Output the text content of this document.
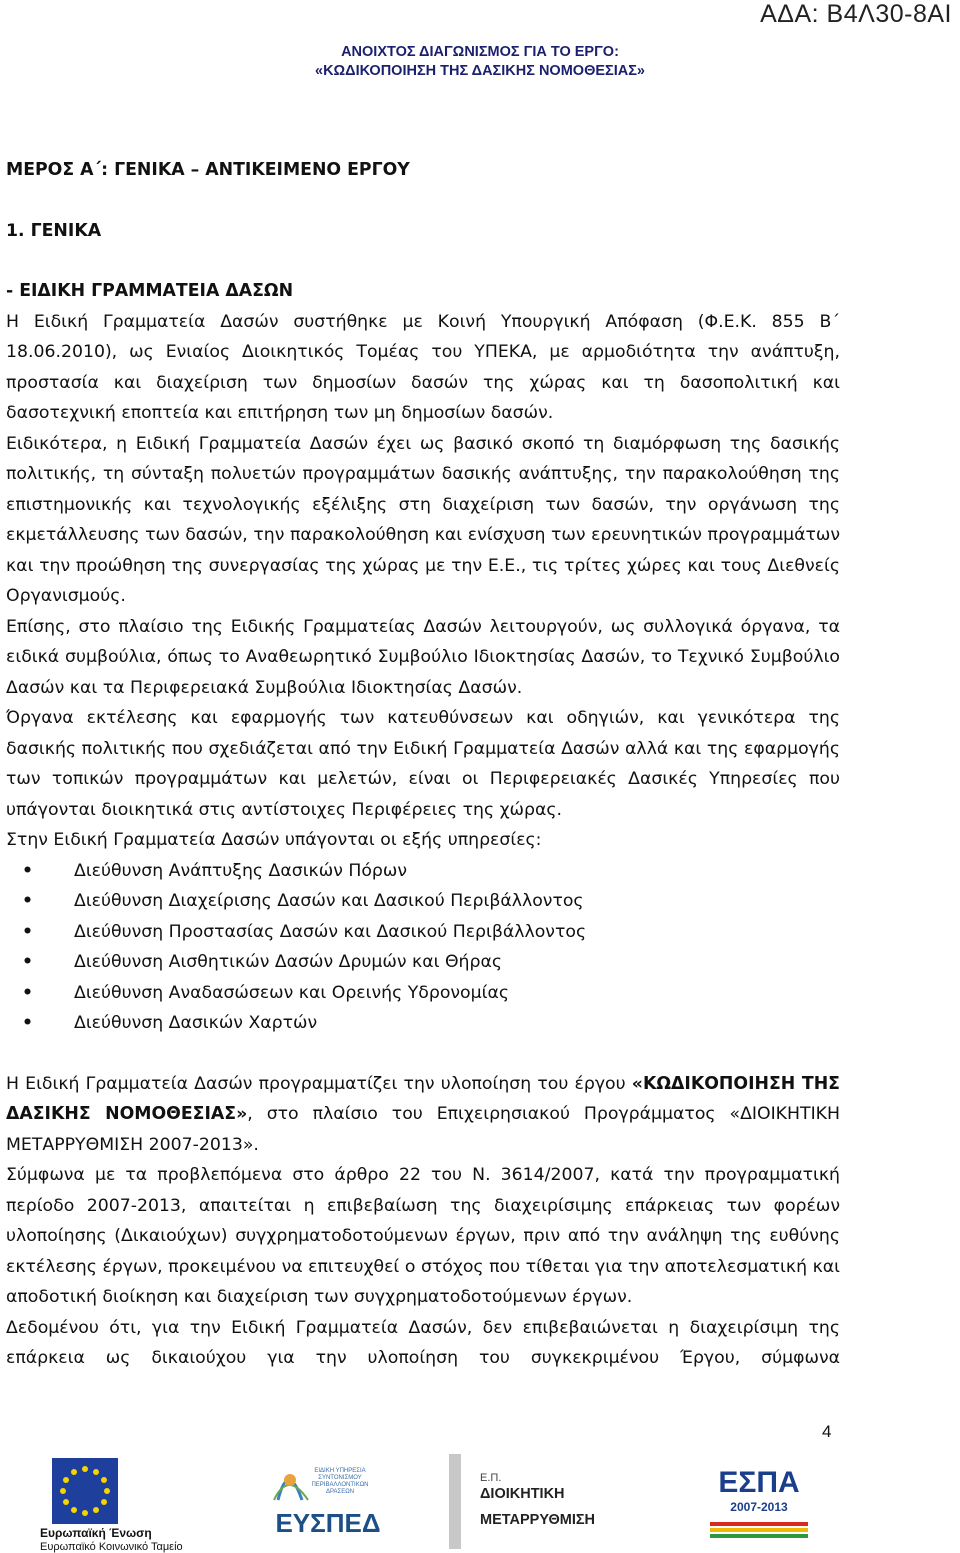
ΑΔΑ: Β4Λ30-8ΑΙ
ΑΝΟΙΧΤΟΣ ΔΙΑΓΩΝΙΣΜΟΣ ΓΙΑ ΤΟ ΕΡΓΟ:
«ΚΩΔΙΚΟΠΟΙΗΣΗ ΤΗΣ ΔΑΣΙΚΗΣ ΝΟΜΟΘΕΣΙΑΣ»

ΜΕΡΟΣ Α΄: ΓΕΝΙΚΑ – ΑΝΤΙΚΕΙΜΕΝΟ ΕΡΓΟΥ

1. ΓΕΝΙΚΑ

- ΕΙΔΙΚΗ ΓΡΑΜΜΑΤΕΙΑ ΔΑΣΩΝ

Η Ειδική Γραμματεία Δασών συστήθηκε με Κοινή Υπουργική Απόφαση (Φ.Ε.Κ. 855 Β΄ 18.06.2010), ως Ενιαίος Διοικητικός Τομέας του ΥΠΕΚΑ, με αρμοδιότητα την ανάπτυξη, προστασία και διαχείριση των δημοσίων δασών της χώρας και τη δασοπολιτική και δασοτεχνική εποπτεία και επιτήρηση των μη δημοσίων δασών.

Ειδικότερα, η Ειδική Γραμματεία Δασών έχει ως βασικό σκοπό τη διαμόρφωση της δασικής πολιτικής, τη σύνταξη πολυετών προγραμμάτων δασικής ανάπτυξης, την παρακολούθηση της επιστημονικής και τεχνολογικής εξέλιξης στη διαχείριση των δασών, την οργάνωση της εκμετάλλευσης των δασών, την παρακολούθηση και ενίσχυση των ερευνητικών προγραμμάτων και την προώθηση της συνεργασίας της χώρας με την Ε.Ε., τις τρίτες χώρες και τους Διεθνείς Οργανισμούς.

Επίσης, στο πλαίσιο της Ειδικής Γραμματείας Δασών λειτουργούν, ως συλλογικά όργανα, τα ειδικά συμβούλια, όπως το Αναθεωρητικό Συμβούλιο Ιδιοκτησίας Δασών, το Τεχνικό Συμβούλιο Δασών και τα Περιφερειακά Συμβούλια Ιδιοκτησίας Δασών.

Όργανα εκτέλεσης και εφαρμογής των κατευθύνσεων και οδηγιών, και γενικότερα της δασικής πολιτικής που σχεδιάζεται από την Ειδική Γραμματεία Δασών αλλά και της εφαρμογής των τοπικών προγραμμάτων και μελετών, είναι οι Περιφερειακές Δασικές Υπηρεσίες που υπάγονται διοικητικά στις αντίστοιχες Περιφέρειες της χώρας.

Στην Ειδική Γραμματεία Δασών υπάγονται οι εξής υπηρεσίες:

• Διεύθυνση Ανάπτυξης Δασικών Πόρων
• Διεύθυνση Διαχείρισης Δασών και Δασικού Περιβάλλοντος
• Διεύθυνση Προστασίας Δασών και Δασικού Περιβάλλοντος
• Διεύθυνση Αισθητικών Δασών Δρυμών και Θήρας
• Διεύθυνση Αναδασώσεων και Ορεινής Υδρονομίας
• Διεύθυνση Δασικών Χαρτών

Η Ειδική Γραμματεία Δασών προγραμματίζει την υλοποίηση του έργου «ΚΩΔΙΚΟΠΟΙΗΣΗ ΤΗΣ ΔΑΣΙΚΗΣ ΝΟΜΟΘΕΣΙΑΣ», στο πλαίσιο του Επιχειρησιακού Προγράμματος «ΔΙΟΙΚΗΤΙΚΗ ΜΕΤΑΡΡΥΘΜΙΣΗ 2007-2013».

Σύμφωνα με τα προβλεπόμενα στο άρθρο 22 του Ν. 3614/2007, κατά την προγραμματική περίοδο 2007-2013, απαιτείται η επιβεβαίωση της διαχειρίσιμης επάρκειας των φορέων υλοποίησης (Δικαιούχων) συγχρηματοδοτούμενων έργων, πριν από την ανάληψη της ευθύνης εκτέλεσης έργων, προκειμένου να επιτευχθεί ο στόχος που τίθεται για την αποτελεσματική και αποδοτική διοίκηση και διαχείριση των συγχρηματοδοτούμενων έργων.

Δεδομένου ότι, για την Ειδική Γραμματεία Δασών, δεν επιβεβαιώνεται η διαχειρίσιμη της επάρκεια ως δικαιούχου για την υλοποίηση του συγκεκριμένου Έργου, σύμφωνα

4
Ευρωπαϊκή Ένωση
Ευρωπαϊκό Κοινωνικό Ταμείο
ΕΙΔΙΚΗ ΥΠΗΡΕΣΙΑ ΣΥΝΤΟΝΙΣΜΟΥ ΠΕΡΙΒΑΛΛΟΝΤΙΚΩΝ ΔΡΑΣΕΩΝ
ΕΥΣΠΕΔ
Ε.Π.
ΔΙΟΙΚΗΤΙΚΗ
ΜΕΤΑΡΡΥΘΜΙΣΗ
ΕΣΠΑ
2007-2013
